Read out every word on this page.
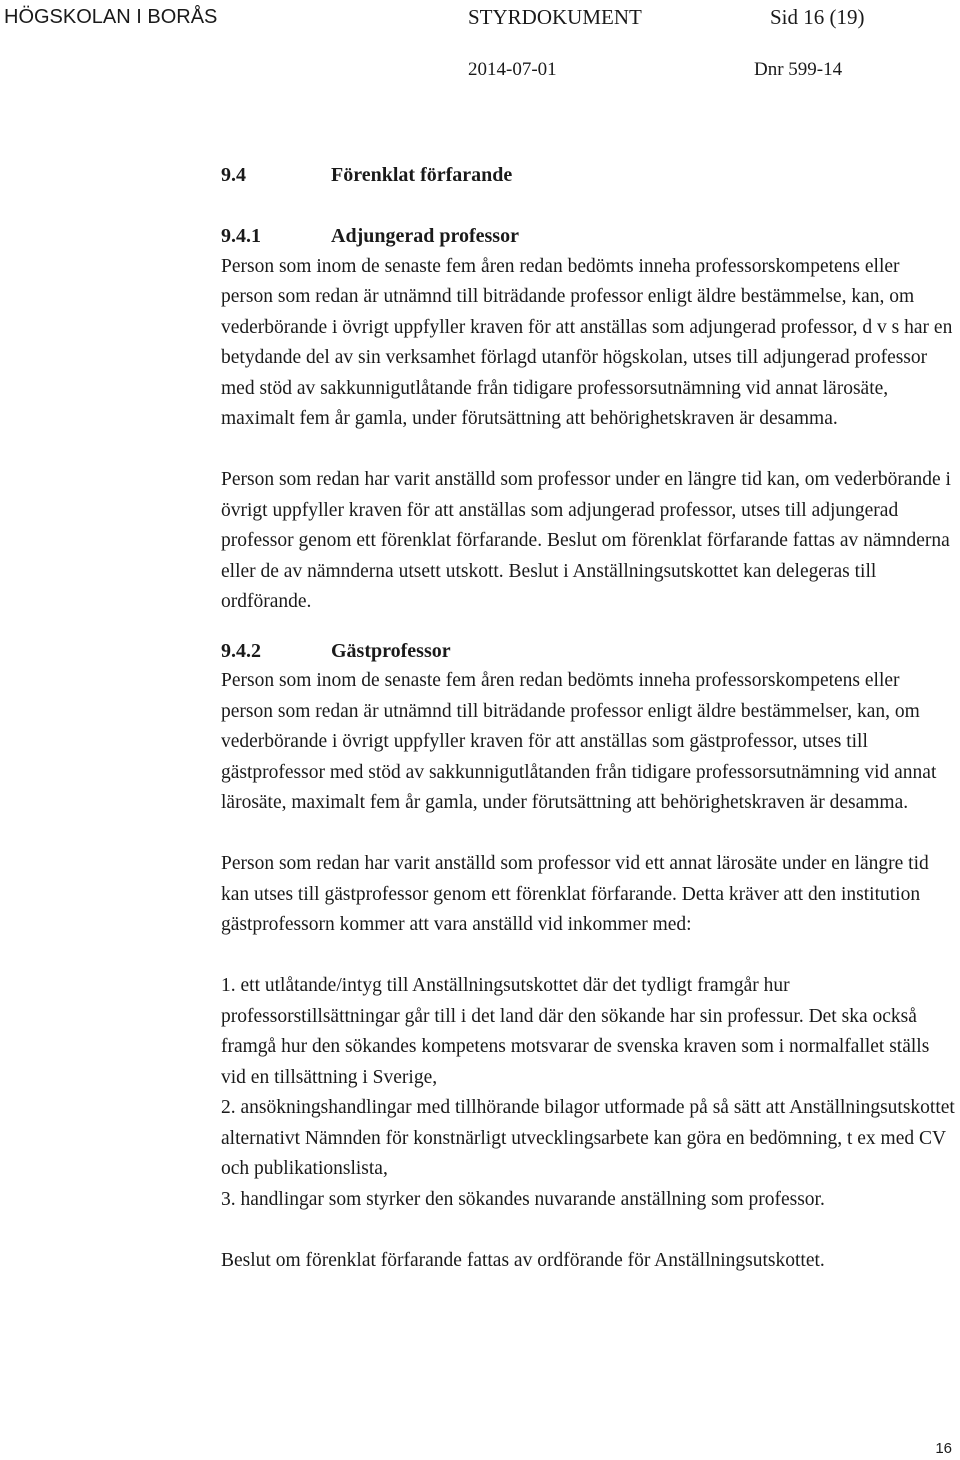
HÖGSKOLAN I BORÅS	STYRDOKUMENT	Sid 16 (19)
2014-07-01	Dnr 599-14
9.4	Förenklat förfarande
9.4.1	Adjungerad professor

Person som inom de senaste fem åren redan bedömts inneha professorskompetens eller person som redan är utnämnd till biträdande professor enligt äldre bestämmelse, kan, om vederbörande i övrigt uppfyller kraven för att anställas som adjungerad professor, d v s har en betydande del av sin verksamhet förlagd utanför högskolan, utses till adjungerad professor med stöd av sakkunnigutlåtande från tidigare professorsutnämning vid annat lärosäte, maximalt fem år gamla, under förutsättning att behörighetskraven är desamma.

Person som redan har varit anställd som professor under en längre tid kan, om vederbörande i övrigt uppfyller kraven för att anställas som adjungerad professor, utses till adjungerad professor genom ett förenklat förfarande. Beslut om förenklat förfarande fattas av nämnderna eller de av nämnderna utsett utskott. Beslut i Anställningsutskottet kan delegeras till ordförande.

9.4.2	Gästprofessor

Person som inom de senaste fem åren redan bedömts inneha professorskompetens eller person som redan är utnämnd till biträdande professor enligt äldre bestämmelser, kan, om vederbörande i övrigt uppfyller kraven för att anställas som gästprofessor, utses till gästprofessor med stöd av sakkunnigutlåtanden från tidigare professorsutnämning vid annat lärosäte, maximalt fem år gamla, under förutsättning att behörighetskraven är desamma.

Person som redan har varit anställd som professor vid ett annat lärosäte under en längre tid kan utses till gästprofessor genom ett förenklat förfarande. Detta kräver att den institution gästprofessorn kommer att vara anställd vid inkommer med:

1. ett utlåtande/intyg till Anställningsutskottet där det tydligt framgår hur professorstillsättningar går till i det land där den sökande har sin professur. Det ska också framgå hur den sökandes kompetens motsvarar de svenska kraven som i normalfallet ställs vid en tillsättning i Sverige,

2. ansökningshandlingar med tillhörande bilagor utformade på så sätt att Anställningsutskottet alternativt Nämnden för konstnärligt utvecklingsarbete kan göra en bedömning, t ex med CV och publikationslista,

3. handlingar som styrker den sökandes nuvarande anställning som professor.

Beslut om förenklat förfarande fattas av ordförande för Anställningsutskottet.

16
